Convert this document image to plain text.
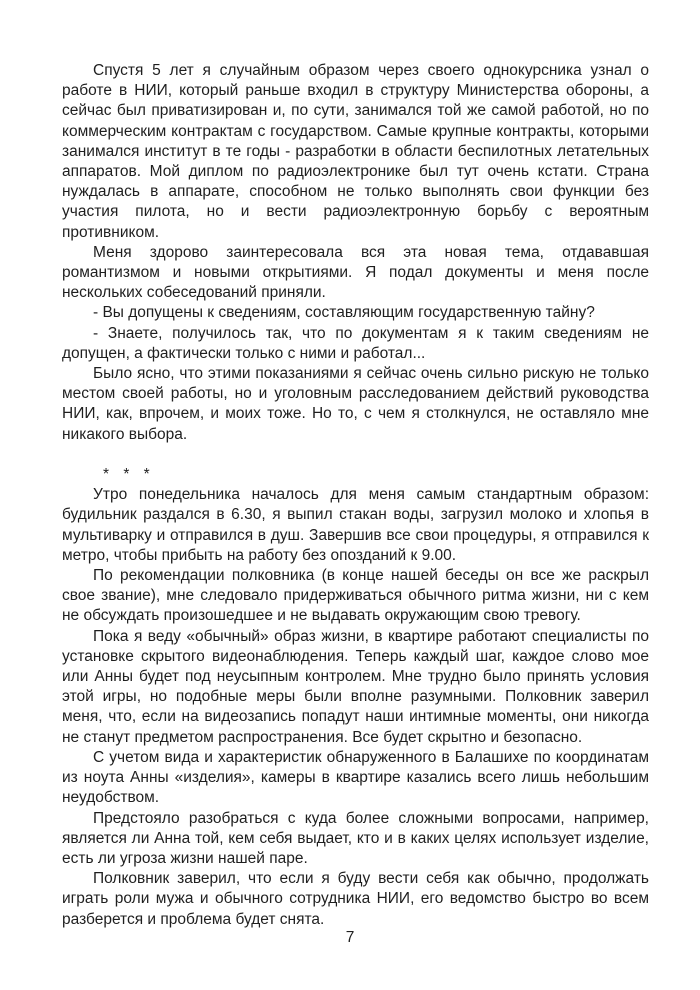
Спустя 5 лет я случайным образом через своего однокурсника узнал о работе в НИИ, который раньше входил в структуру Министерства обороны, а сейчас был приватизирован и, по сути, занимался той же самой работой, но по коммерческим контрактам с государством. Самые крупные контракты, которыми занимался институт в те годы - разработки в области беспилотных летательных аппаратов. Мой диплом по радиоэлектронике был тут очень кстати. Страна нуждалась в аппарате, способном не только выполнять свои функции без участия пилота, но и вести радиоэлектронную борьбу с вероятным противником.

Меня здорово заинтересовала вся эта новая тема, отдававшая романтизмом и новыми открытиями. Я подал документы и меня после нескольких собеседований приняли.

- Вы допущены к сведениям, составляющим государственную тайну?

- Знаете, получилось так, что по документам я к таким сведениям не допущен, а фактически только с ними и работал...

Было ясно, что этими показаниями я сейчас очень сильно рискую не только местом своей работы, но и уголовным расследованием действий руководства НИИ, как, впрочем, и моих тоже. Но то, с чем я столкнулся, не оставляло мне никакого выбора.

* * *

Утро понедельника началось для меня самым стандартным образом: будильник раздался в 6.30, я выпил стакан воды, загрузил молоко и хлопья в мультиварку и отправился в душ. Завершив все свои процедуры, я отправился к метро, чтобы прибыть на работу без опозданий к 9.00.

По рекомендации полковника (в конце нашей беседы он все же раскрыл свое звание), мне следовало придерживаться обычного ритма жизни, ни с кем не обсуждать произошедшее и не выдавать окружающим свою тревогу.

Пока я веду «обычный» образ жизни, в квартире работают специалисты по установке скрытого видеонаблюдения. Теперь каждый шаг, каждое слово мое или Анны будет под неусыпным контролем. Мне трудно было принять условия этой игры, но подобные меры были вполне разумными. Полковник заверил меня, что, если на видеозапись попадут наши интимные моменты, они никогда не станут предметом распространения. Все будет скрытно и безопасно.

С учетом вида и характеристик обнаруженного в Балашихе по координатам из ноута Анны «изделия», камеры в квартире казались всего лишь небольшим неудобством.

Предстояло разобраться с куда более сложными вопросами, например, является ли Анна той, кем себя выдает, кто и в каких целях использует изделие, есть ли угроза жизни нашей паре.

Полковник заверил, что если я буду вести себя как обычно, продолжать играть роли мужа и обычного сотрудника НИИ, его ведомство быстро во всем разберется и проблема будет снята.

7
